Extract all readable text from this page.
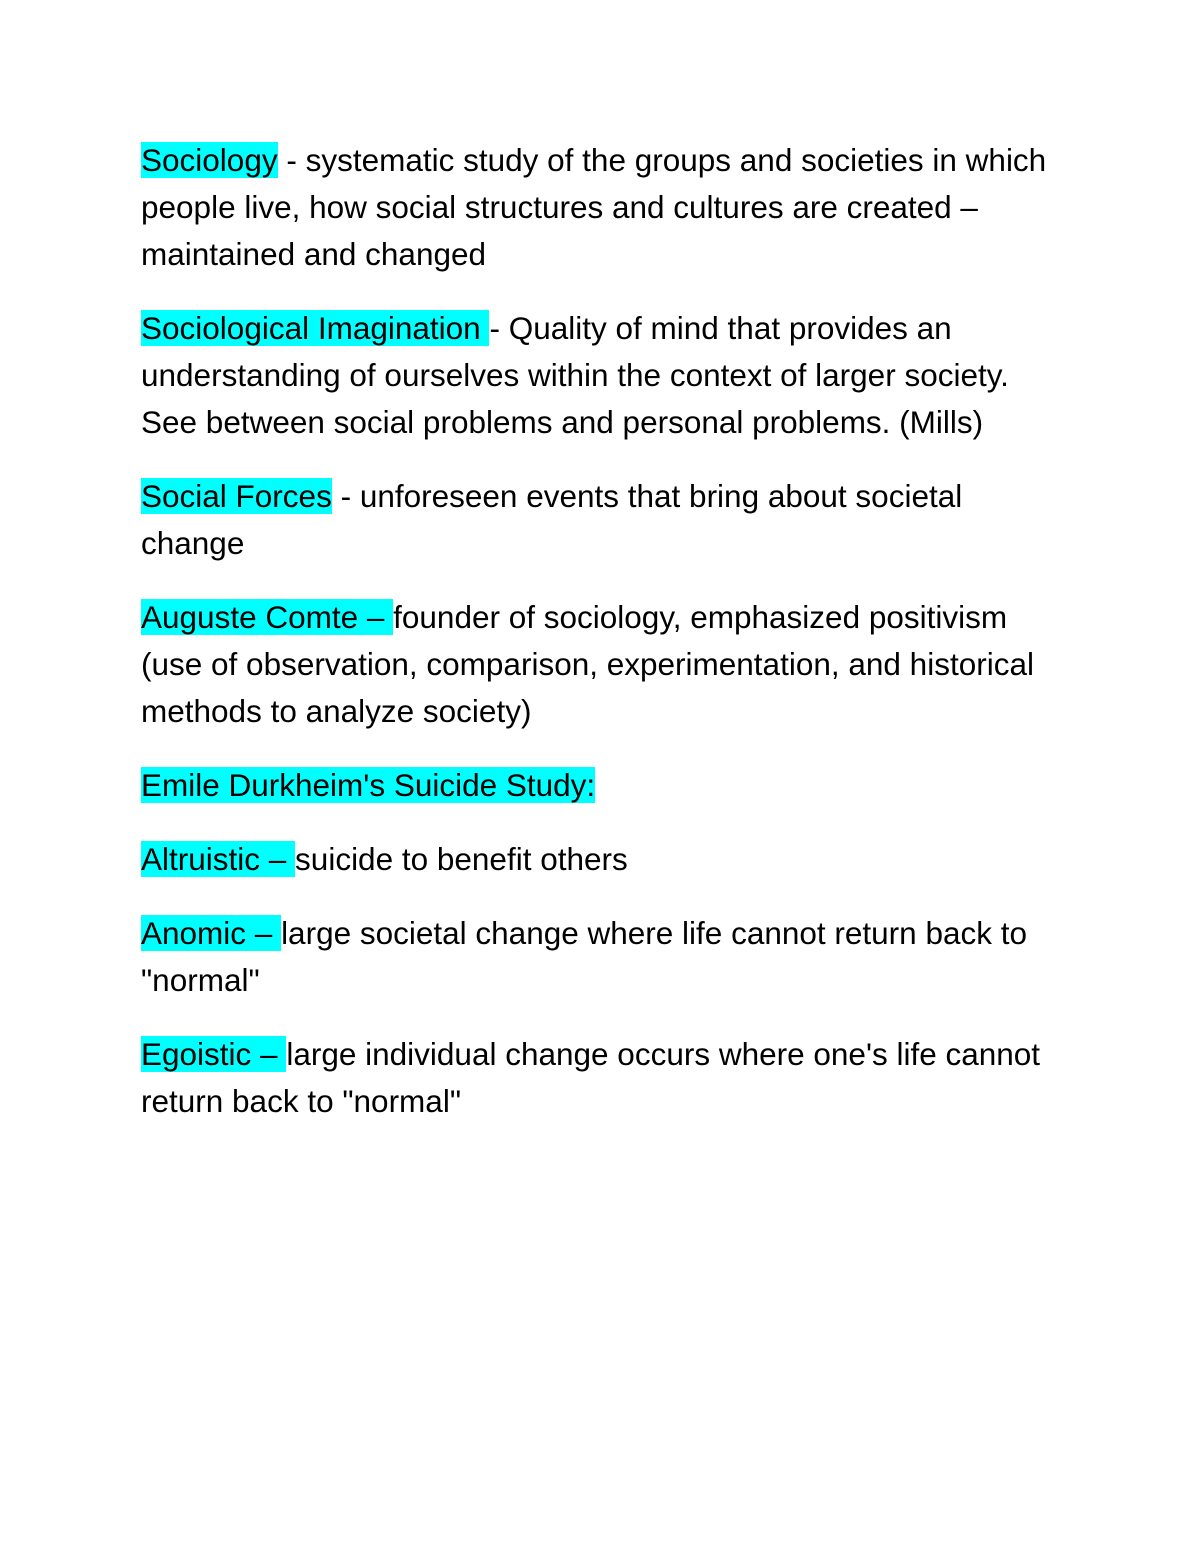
Sociology - systematic study of the groups and societies in which people live, how social structures and cultures are created – maintained and changed

Sociological Imagination - Quality of mind that provides an understanding of ourselves within the context of larger society. See between social problems and personal problems. (Mills)

Social Forces - unforeseen events that bring about societal change

Auguste Comte – founder of sociology, emphasized positivism (use of observation, comparison, experimentation, and historical methods to analyze society)

Emile Durkheim's Suicide Study:

Altruistic – suicide to benefit others

Anomic – large societal change where life cannot return back to "normal"

Egoistic – large individual change occurs where one's life cannot return back to "normal"
